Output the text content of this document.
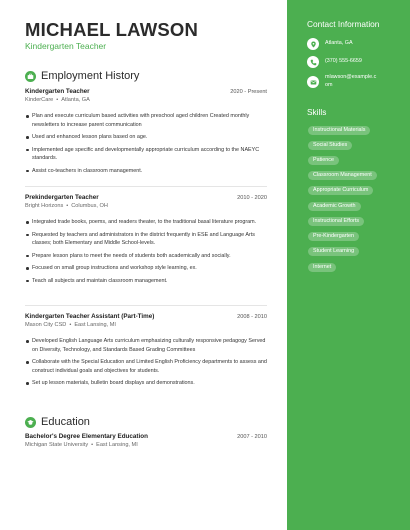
MICHAEL LAWSON
Kindergarten Teacher
Employment History
Kindergarten Teacher	2020 - Present
KinderCare • Atlanta, GA
Plan and execute curriculum based activities with preschool aged children Created monthly newsletters to increase parent communication
Used and enhanced lesson plans based on age.
Implemented age specific and developmentally appropriate curriculum according to the NAEYC standards.
Assist co-teachers in classroom management.
Prekindergarten Teacher	2010 - 2020
Bright Horizons • Columbus, OH
Integrated trade books, poems, and readers theater, to the traditional basal literature program.
Requested by teachers and administrators in the district frequently in ESE and Language Arts classes; both Elementary and Middle School-levels.
Prepare lesson plans to meet the needs of students both academically and socially.
Focused on small group instructions and workshop style learning, ex.
Teach all subjects and maintain classroom management.
Kindergarten Teacher Assistant (Part-Time)	2008 - 2010
Mason City CSD • East Lansing, MI
Developed English Language Arts curriculum emphasizing culturally responsive pedagogy Served on Diversity, Technology, and Standards Based Grading Committees
Collaborate with the Special Education and Limited English Proficiency departments to assess and construct individual goals and objectives for students.
Set up lesson materials, bulletin board displays and demonstrations.
Education
Bachelor's Degree Elementary Education	2007 - 2010
Michigan State University • East Lansing, MI
Contact Information
Atlanta, GA
(370) 555-6659
mlawson@example.c
om
Skills
Instructional Materials
Social Studies
Patience
Classroom Management
Appropriate Curriculum
Academic Growth
Instructional Efforts
Pre-Kindergarten
Student Learning
Internet
